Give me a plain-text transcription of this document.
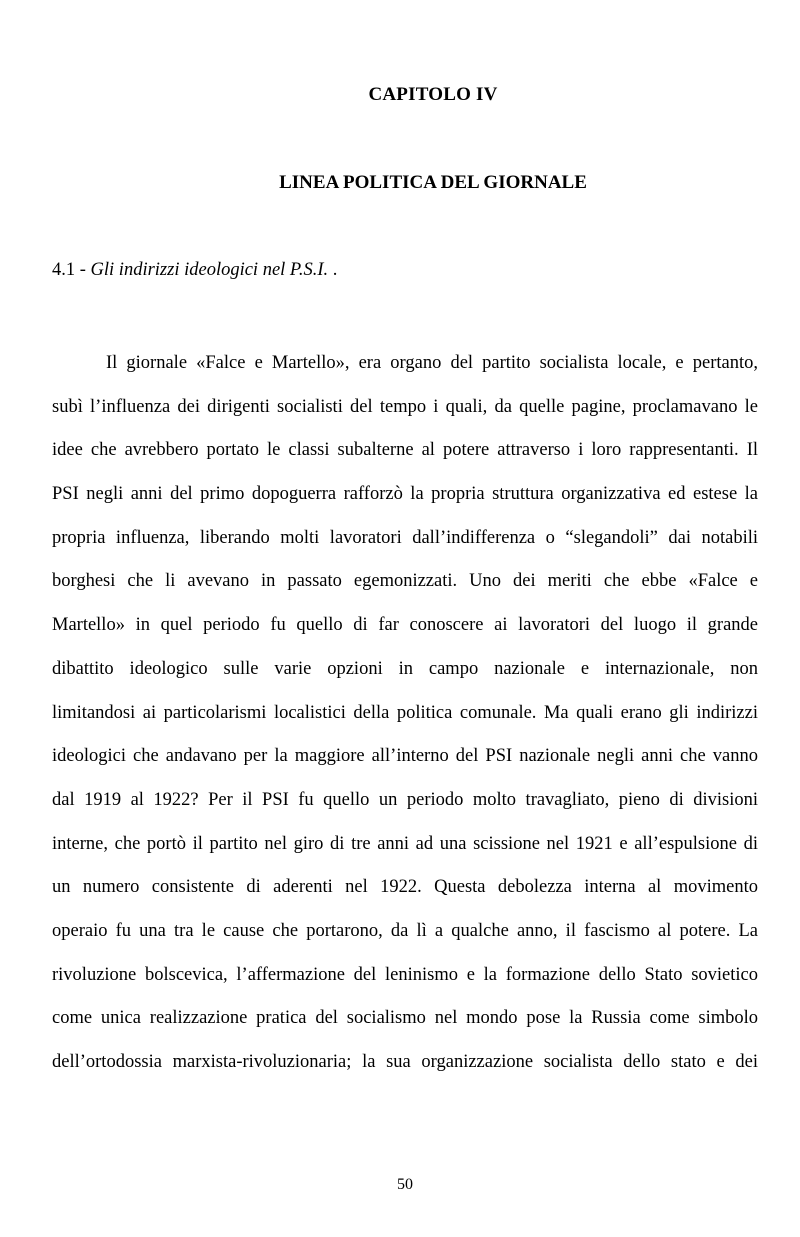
CAPITOLO IV
LINEA POLITICA DEL GIORNALE
4.1 - Gli indirizzi ideologici nel P.S.I. .
Il giornale «Falce e Martello», era organo del partito socialista locale, e pertanto,
subì l’influenza dei dirigenti socialisti del tempo i quali, da quelle pagine, proclamavano le
idee che avrebbero portato le classi subalterne al potere attraverso i loro rappresentanti. Il
PSI negli anni del primo dopoguerra rafforzò la propria struttura organizzativa ed estese la
propria influenza, liberando molti lavoratori dall’indifferenza o “slegandoli” dai notabili
borghesi che li avevano in passato egemonizzati. Uno dei meriti che ebbe «Falce e
Martello» in quel periodo fu quello di far conoscere ai lavoratori del luogo il grande
dibattito ideologico sulle varie opzioni in campo nazionale e internazionale, non
limitandosi ai particolarismi localistici della politica comunale. Ma quali erano gli indirizzi
ideologici che andavano per la maggiore all’interno del PSI nazionale negli anni che vanno
dal 1919 al 1922? Per il PSI fu quello un periodo molto travagliato, pieno di divisioni
interne, che portò il partito nel giro di tre anni ad una scissione nel 1921 e all’espulsione di
un numero consistente di aderenti nel 1922. Questa debolezza interna al movimento
operaio fu una tra le cause che portarono, da lì a qualche anno, il fascismo al potere. La
rivoluzione bolscevica, l’affermazione del leninismo e la formazione dello Stato sovietico
come unica realizzazione pratica del socialismo nel mondo pose la Russia come simbolo
dell’ortodossia marxista-rivoluzionaria; la sua organizzazione socialista dello stato e dei
50
